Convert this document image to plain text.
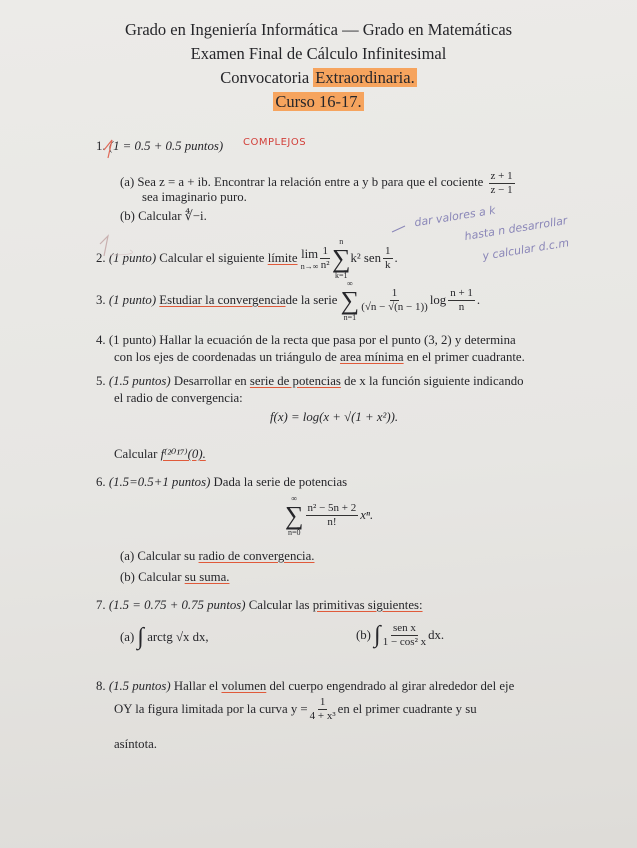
Grado en Ingeniería Informática — Grado en Matemáticas
Examen Final de Cálculo Infinitesimal
Convocatoria Extraordinaria.
Curso 16-17.
1. (1 = 0.5 + 0.5 puntos) COMPLEJOS
(a) Sea z = a + ib. Encontrar la relación entre a y b para que el cociente $\frac{z + 1}{z - 1}$
sea imaginario puro.
(b) Calcular ∜−i.
2.
(1 punto)
Calcular el siguiente
límite
lim
$n\to\infty \frac{1}{\text{n²}}$
n
∑
k=1
k² sen $\frac{1}{k}$ .
dar valores a k
hasta n desarrollar
y calcular d.c.m
3.
(1 punto)
Estudiar la convergencia de la serie

∞
∑
n=1
$\frac{1}{(√n - √(n - 1))}$ $\log \frac{n + 1}{n}$ .
4. (1 punto) Hallar la ecuación de la recta que pasa por el punto (3, 2) y determina
con los ejes de coordenadas un triángulo de area mínima en el primer cuadrante.
5. (1.5 puntos) Desarrollar en serie de potencias de x la función siguiente indicando
el radio de convergencia:
f(x) = log(x + √(1 + x²)).
Calcular f⁽²⁰¹⁷⁾(0).
6. (1.5=0.5+1 puntos) Dada la serie de potencias
∞
∑
n=0
$\frac{\text{n² − 5n + 2}}{n!} x^n$.
(a) Calcular su radio de convergencia.
(b) Calcular su suma.
7. (1.5 = 0.75 + 0.75 puntos) Calcular las primitivas siguientes:
(a)
∫
arctg √x dx,	(b)
∫ $\frac{\text{sen x}}{\text{1 − cos² x}}$ dx.
8. (1.5 puntos) Hallar el volumen del cuerpo engendrado al girar alrededor del eje
OY la figura limitada por la curva $y = \frac{1}{\text{4 + x³}}$ en el primer cuadrante y su
asíntota.
